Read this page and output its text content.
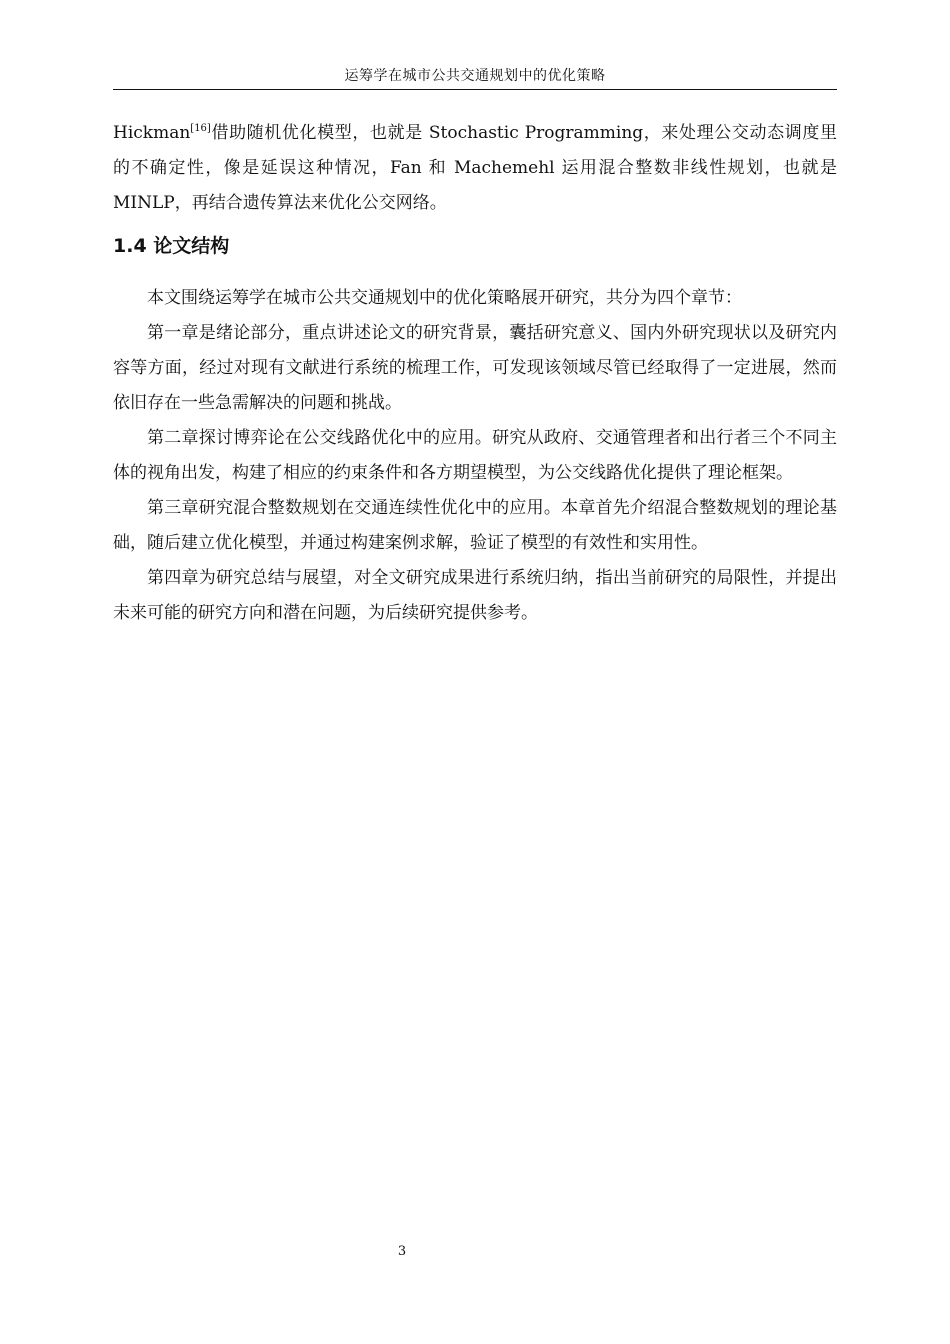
运筹学在城市公共交通规划中的优化策略

Hickman[16]借助随机优化模型，也就是 Stochastic Programming，来处理公交动态调度里的不确定性，像是延误这种情况，Fan 和 Machemehl 运用混合整数非线性规划，也就是 MINLP，再结合遗传算法来优化公交网络。

1.4 论文结构

本文围绕运筹学在城市公共交通规划中的优化策略展开研究，共分为四个章节：

第一章是绪论部分，重点讲述论文的研究背景，囊括研究意义、国内外研究现状以及研究内容等方面，经过对现有文献进行系统的梳理工作，可发现该领域尽管已经取得了一定进展，然而依旧存在一些急需解决的问题和挑战。

第二章探讨博弈论在公交线路优化中的应用。研究从政府、交通管理者和出行者三个不同主体的视角出发，构建了相应的约束条件和各方期望模型，为公交线路优化提供了理论框架。

第三章研究混合整数规划在交通连续性优化中的应用。本章首先介绍混合整数规划的理论基础，随后建立优化模型，并通过构建案例求解，验证了模型的有效性和实用性。

第四章为研究总结与展望，对全文研究成果进行系统归纳，指出当前研究的局限性，并提出未来可能的研究方向和潜在问题，为后续研究提供参考。

3
